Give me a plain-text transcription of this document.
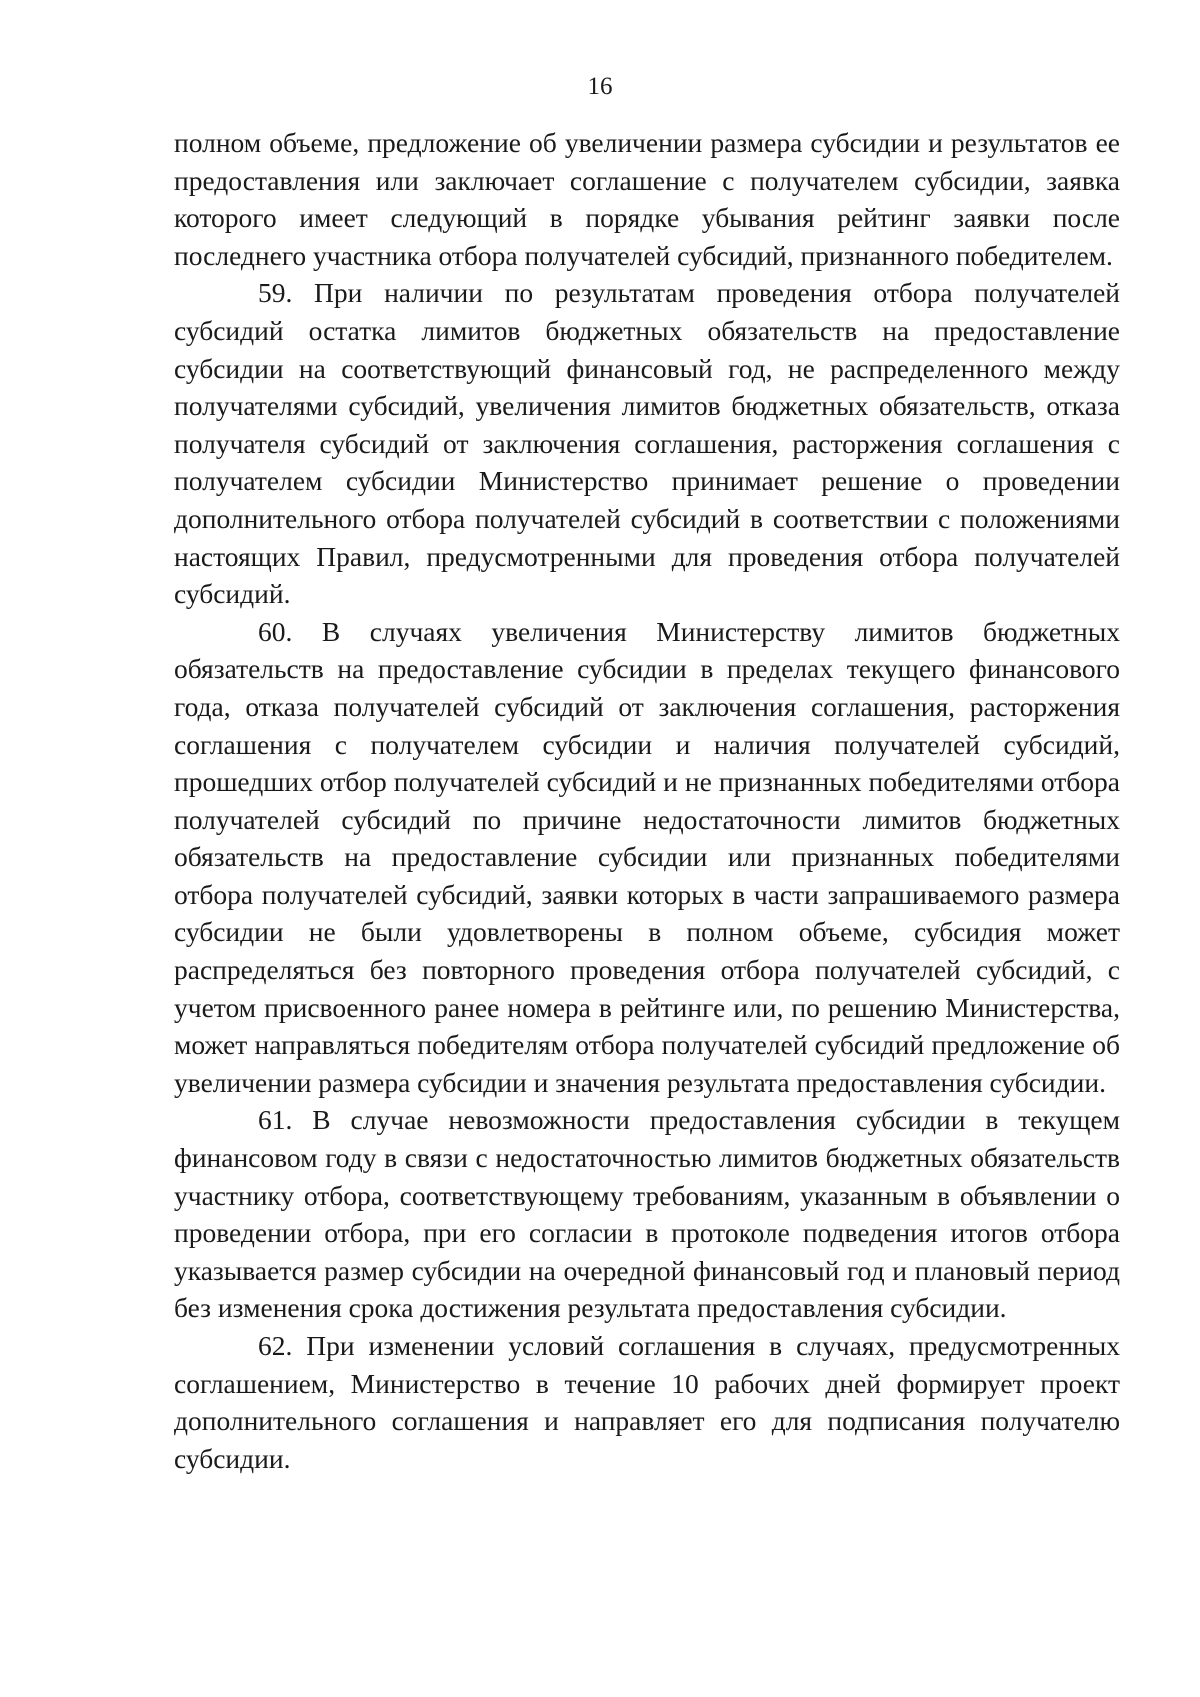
16

полном объеме, предложение об увеличении размера субсидии и результатов ее предоставления или заключает соглашение с получателем субсидии, заявка которого имеет следующий в порядке убывания рейтинг заявки после последнего участника отбора получателей субсидий, признанного победителем.

59. При наличии по результатам проведения отбора получателей субсидий остатка лимитов бюджетных обязательств на предоставление субсидии на соответствующий финансовый год, не распределенного между получателями субсидий, увеличения лимитов бюджетных обязательств, отказа получателя субсидий от заключения соглашения, расторжения соглашения с получателем субсидии Министерство принимает решение о проведении дополнительного отбора получателей субсидий в соответствии с положениями настоящих Правил, предусмотренными для проведения отбора получателей субсидий.

60. В случаях увеличения Министерству лимитов бюджетных обязательств на предоставление субсидии в пределах текущего финансового года, отказа получателей субсидий от заключения соглашения, расторжения соглашения с получателем субсидии и наличия получателей субсидий, прошедших отбор получателей субсидий и не признанных победителями отбора получателей субсидий по причине недостаточности лимитов бюджетных обязательств на предоставление субсидии или признанных победителями отбора получателей субсидий, заявки которых в части запрашиваемого размера субсидии не были удовлетворены в полном объеме, субсидия может распределяться без повторного проведения отбора получателей субсидий, с учетом присвоенного ранее номера в рейтинге или, по решению Министерства, может направляться победителям отбора получателей субсидий предложение об увеличении размера субсидии и значения результата предоставления субсидии.

61. В случае невозможности предоставления субсидии в текущем финансовом году в связи с недостаточностью лимитов бюджетных обязательств участнику отбора, соответствующему требованиям, указанным в объявлении о проведении отбора, при его согласии в протоколе подведения итогов отбора указывается размер субсидии на очередной финансовый год и плановый период без изменения срока достижения результата предоставления субсидии.

62. При изменении условий соглашения в случаях, предусмотренных соглашением, Министерство в течение 10 рабочих дней формирует проект дополнительного соглашения и направляет его для подписания получателю субсидии.
